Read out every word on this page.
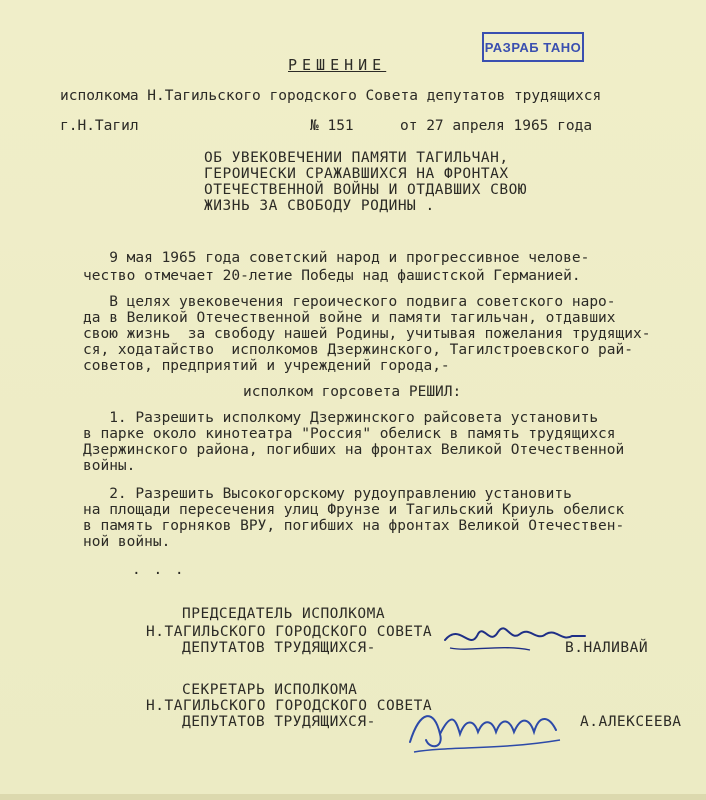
РАЗРАБ ТАНО
РЕШЕНИЕ
исполкома Н.Тагильского городского Совета депутатов трудящихся
г.Н.Тагил	№ 151	от 27 апреля 1965 года
ОБ УВЕКОВЕЧЕНИИ ПАМЯТИ ТАГИЛЬЧАН,
ГЕРОИЧЕСКИ СРАЖАВШИХСЯ НА ФРОНТАХ
ОТЕЧЕСТВЕННОЙ ВОЙНЫ И ОТДАВШИХ СВОЮ
ЖИЗНЬ ЗА СВОБОДУ РОДИНЫ .
9 мая 1965 года советский народ и прогрессивное челове-
чество отмечает 20-летие Победы над фашистской Германией.
В целях увековечения героического подвига советского наро-
да в Великой Отечественной войне и памяти тагильчан, отдавших
свою жизнь  за свободу нашей Родины, учитывая пожелания трудящих-
ся, ходатайство  исполкомов Дзержинского, Тагилстроевского рай-
советов, предприятий и учреждений города,-
исполком горсовета РЕШИЛ:
1. Разрешить исполкому Дзержинского райсовета установить
в парке около кинотеатра "Россия" обелиск в память трудящихся
Дзержинского района, погибших на фронтах Великой Отечественной
войны.
2. Разрешить Высокогорскому рудоуправлению установить
на площади пересечения улиц Фрунзе и Тагильский Криуль обелиск
в память горняков ВРУ, погибших на фронтах Великой Отечествен-
ной войны.
. . .
ПРЕДСЕДАТЕЛЬ ИСПОЛКОМА
Н.ТАГИЛЬСКОГО ГОРОДСКОГО СОВЕТА
ДЕПУТАТОВ ТРУДЯЩИХСЯ-	В.НАЛИВАЙ
СЕКРЕТАРЬ ИСПОЛКОМА
Н.ТАГИЛЬСКОГО ГОРОДСКОГО СОВЕТА
ДЕПУТАТОВ ТРУДЯЩИХСЯ-	А.АЛЕКСЕЕВА
